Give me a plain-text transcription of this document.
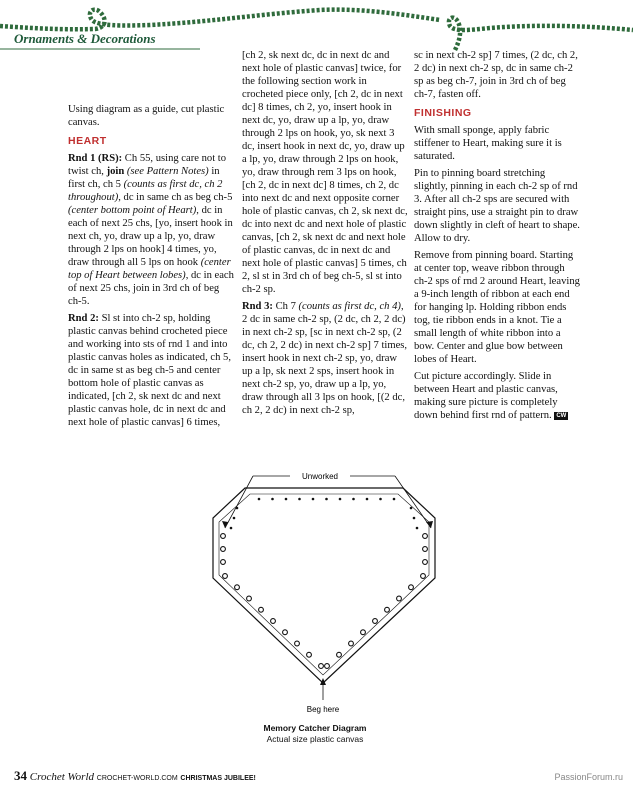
Ornaments & Decorations

Using diagram as a guide, cut plastic canvas.

HEART

Rnd 1 (RS): Ch 55, using care not to twist ch, join (see Pattern Notes) in first ch, ch 5 (counts as first dc, ch 2 throughout), dc in same ch as beg ch-5 (center bottom point of Heart), dc in each of next 25 chs, [yo, insert hook in next ch, yo, draw up a lp, yo, draw through 2 lps on hook] 4 times, yo, draw through all 5 lps on hook (center top of Heart between lobes), dc in each of next 25 chs, join in 3rd ch of beg ch-5.

Rnd 2: Sl st into ch-2 sp, holding plastic canvas behind crocheted piece and working into sts of rnd 1 and into plastic canvas holes as indicated, ch 5, dc in same st as beg ch-5 and center bottom hole of plastic canvas as indicated, [ch 2, sk next dc and next plastic canvas hole, dc in next dc and next hole of plastic canvas] 6 times,

[ch 2, sk next dc, dc in next dc and next hole of plastic canvas] twice, for the following section work in crocheted piece only, [ch 2, dc in next dc] 8 times, ch 2, yo, insert hook in next dc, yo, draw up a lp, yo, draw through 2 lps on hook, yo, sk next 3 dc, insert hook in next dc, yo, draw up a lp, yo, draw through 2 lps on hook, yo, draw through rem 3 lps on hook, [ch 2, dc in next dc] 8 times, ch 2, dc into next dc and next opposite corner hole of plastic canvas, ch 2, sk next dc, dc into next dc and next hole of plastic canvas, [ch 2, sk next dc and next hole of plastic canvas, dc in next dc and next hole of plastic canvas] 5 times, ch 2, sl st in 3rd ch of beg ch-5, sl st into ch-2 sp.

Rnd 3: Ch 7 (counts as first dc, ch 4), 2 dc in same ch-2 sp, (2 dc, ch 2, 2 dc) in next ch-2 sp, [sc in next ch-2 sp, (2 dc, ch 2, 2 dc) in next ch-2 sp] 7 times, insert hook in next ch-2 sp, yo, draw up a lp, sk next 2 sps, insert hook in next ch-2 sp, yo, draw up a lp, yo, draw through all 3 lps on hook, [(2 dc, ch 2, 2 dc) in next ch-2 sp,

sc in next ch-2 sp] 7 times, (2 dc, ch 2, 2 dc) in next ch-2 sp, dc in same ch-2 sp as beg ch-7, join in 3rd ch of beg ch-7, fasten off.

FINISHING

With small sponge, apply fabric stiffener to Heart, making sure it is saturated.

Pin to pinning board stretching slightly, pinning in each ch-2 sp of rnd 3. After all ch-2 sps are secured with straight pins, use a straight pin to draw down slightly in cleft of heart to shape. Allow to dry.

Remove from pinning board. Starting at center top, weave ribbon through ch-2 sps of rnd 2 around Heart, leaving a 9-inch length of ribbon at each end for hanging lp. Holding ribbon ends tog, tie ribbon ends in a knot. Tie a small length of white ribbon into a bow. Center and glue bow between lobes of Heart.

Cut picture accordingly. Slide in between Heart and plastic canvas, making sure picture is completely down behind first rnd of pattern. CW

Unworked
Beg here
Memory Catcher Diagram
Actual size plastic canvas
34 Crochet World CROCHET-WORLD.COM CHRISTMAS JUBILEE!	PassionForum.ru
